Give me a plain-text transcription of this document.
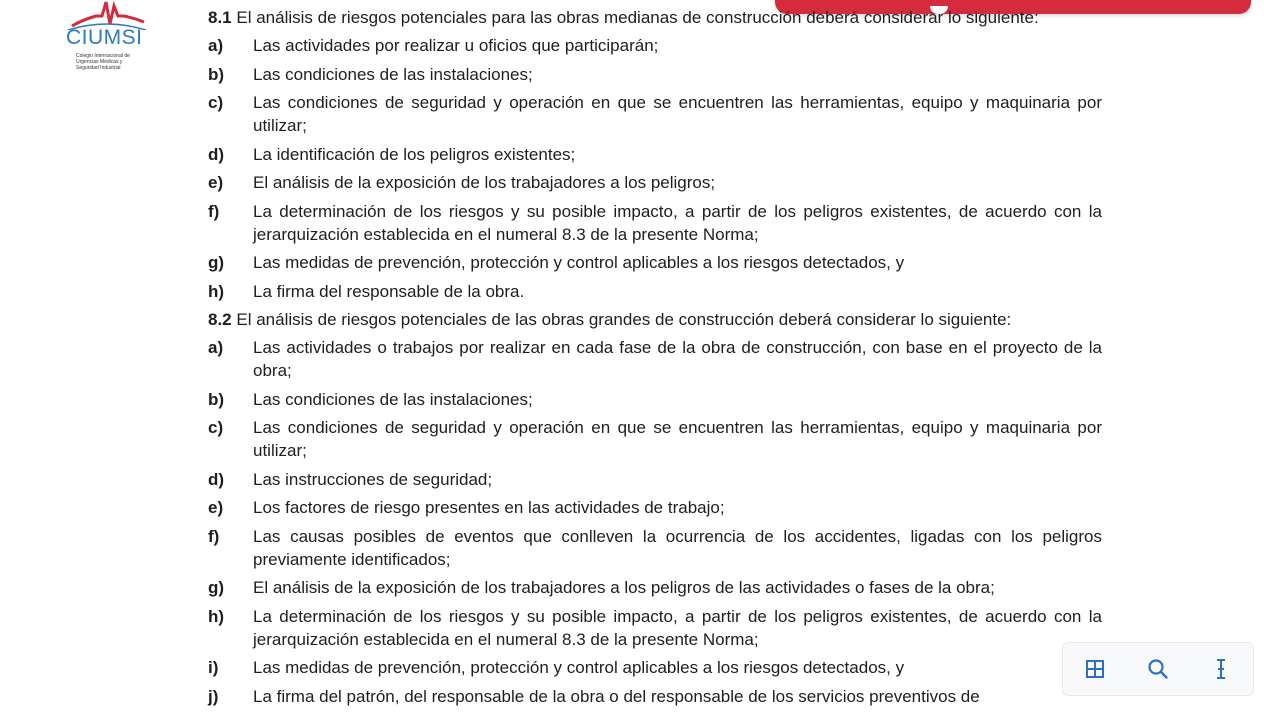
CIUMSI
Colegio Internacional de Urgencias Médicas y Seguridad Industrial
8.1 El análisis de riesgos potenciales para las obras medianas de construcción deberá considerar lo siguiente:
a) Las actividades por realizar u oficios que participarán;
b) Las condiciones de las instalaciones;
c) Las condiciones de seguridad y operación en que se encuentren las herramientas, equipo y maquinaria por utilizar;
d) La identificación de los peligros existentes;
e) El análisis de la exposición de los trabajadores a los peligros;
f) La determinación de los riesgos y su posible impacto, a partir de los peligros existentes, de acuerdo con la jerarquización establecida en el numeral 8.3 de la presente Norma;
g) Las medidas de prevención, protección y control aplicables a los riesgos detectados, y
h) La firma del responsable de la obra.
8.2 El análisis de riesgos potenciales de las obras grandes de construcción deberá considerar lo siguiente:
a) Las actividades o trabajos por realizar en cada fase de la obra de construcción, con base en el proyecto de la obra;
b) Las condiciones de las instalaciones;
c) Las condiciones de seguridad y operación en que se encuentren las herramientas, equipo y maquinaria por utilizar;
d) Las instrucciones de seguridad;
e) Los factores de riesgo presentes en las actividades de trabajo;
f) Las causas posibles de eventos que conlleven la ocurrencia de los accidentes, ligadas con los peligros previamente identificados;
g) El análisis de la exposición de los trabajadores a los peligros de las actividades o fases de la obra;
h) La determinación de los riesgos y su posible impacto, a partir de los peligros existentes, de acuerdo con la jerarquización establecida en el numeral 8.3 de la presente Norma;
i) Las medidas de prevención, protección y control aplicables a los riesgos detectados, y
j) La firma del patrón, del responsable de la obra o del responsable de los servicios preventivos de
